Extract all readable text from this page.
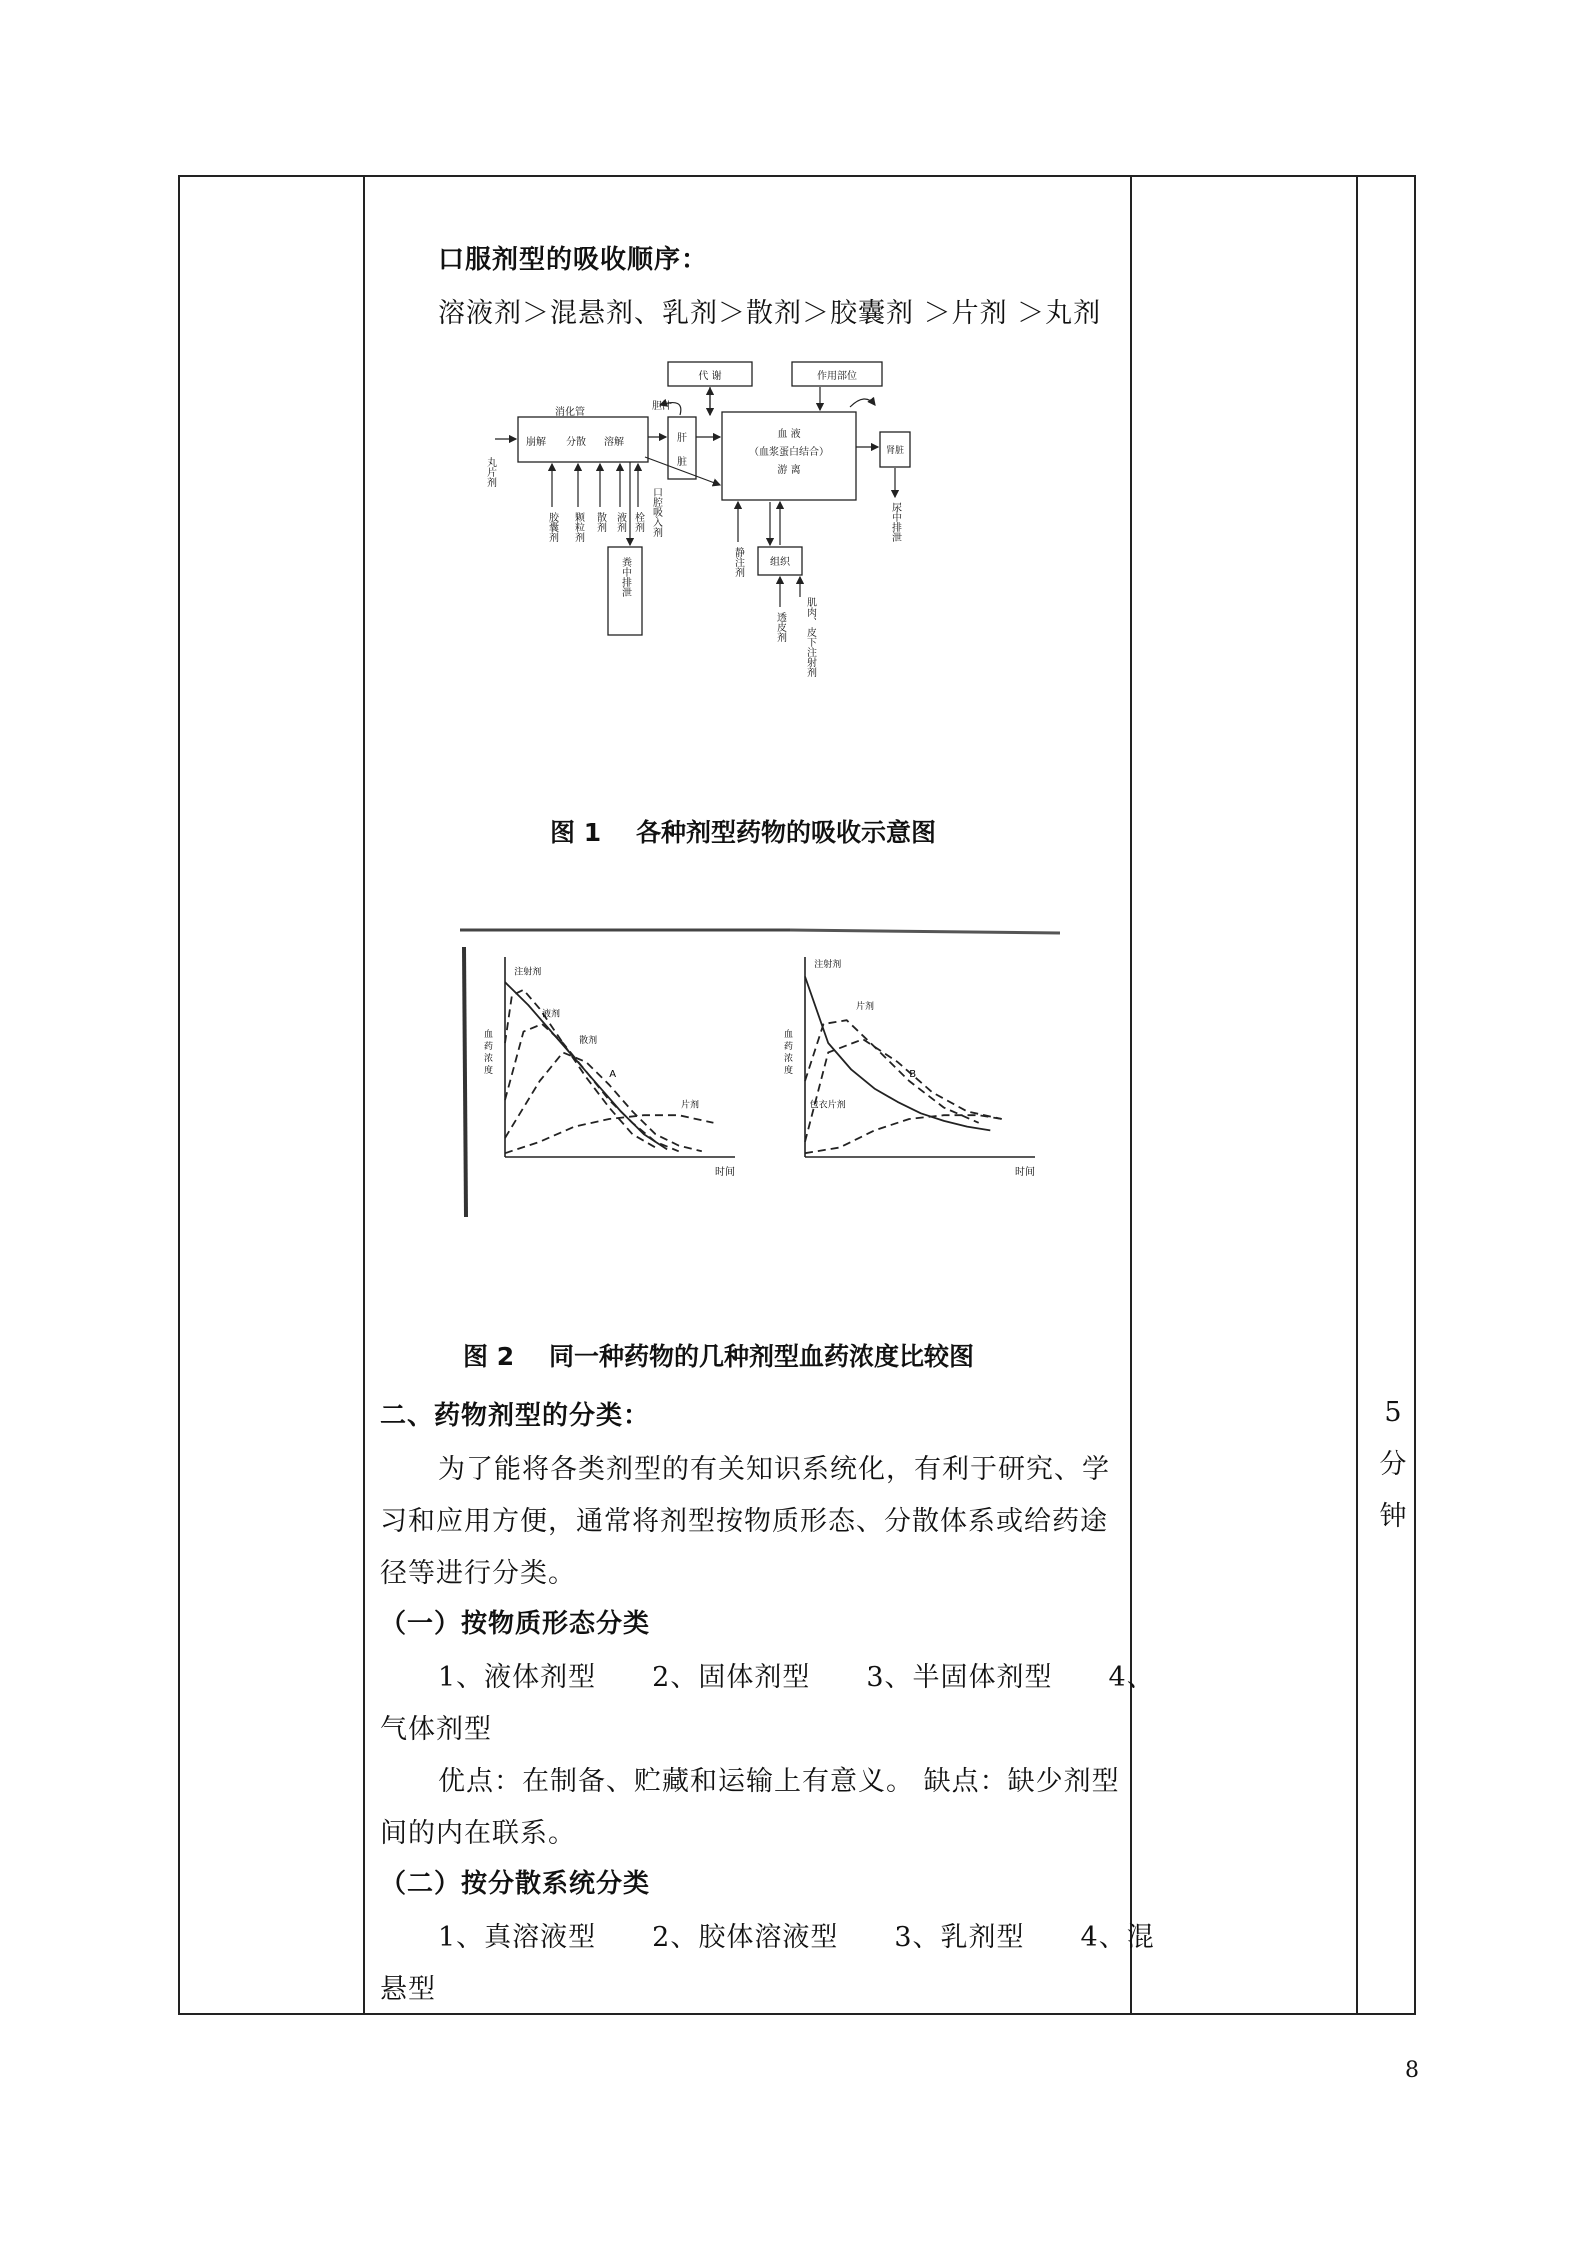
口服剂型的吸收顺序：
溶液剂＞混悬剂、乳剂＞散剂＞胶囊剂 ＞片剂 ＞丸剂
消化管
崩解 分散 溶解
代 谢	作用部位
胆汁
肝
脏
血 液
（血浆蛋白结合）
游 离
肾脏
组织
尿中排泄
粪中排泄
丸片剂
胶囊剂 颗粒剂 散剂 液剂 栓剂 口腔吸入剂
静注剂
透皮剂 肌肉、皮下注射剂
图 1 各种剂型药物的吸收示意图
时间
血
药
浓
度	A
注射剂
液剂
散剂
片剂
时间
血
药
浓
度	B
注射剂
片剂
包衣片剂
图 2 同一种药物的几种剂型血药浓度比较图
二、药物剂型的分类：
为了能将各类剂型的有关知识系统化，有利于研究、学
习和应用方便，通常将剂型按物质形态、分散体系或给药途
径等进行分类。
（一）按物质形态分类
1、液体剂型　　2、固体剂型　　3、半固体剂型　　4、
气体剂型
优点：在制备、贮藏和运输上有意义。 缺点：缺少剂型
间的内在联系。
（二）按分散系统分类
1、真溶液型　　2、胶体溶液型　　3、乳剂型　　4、混
悬型
5
分
钟
8
